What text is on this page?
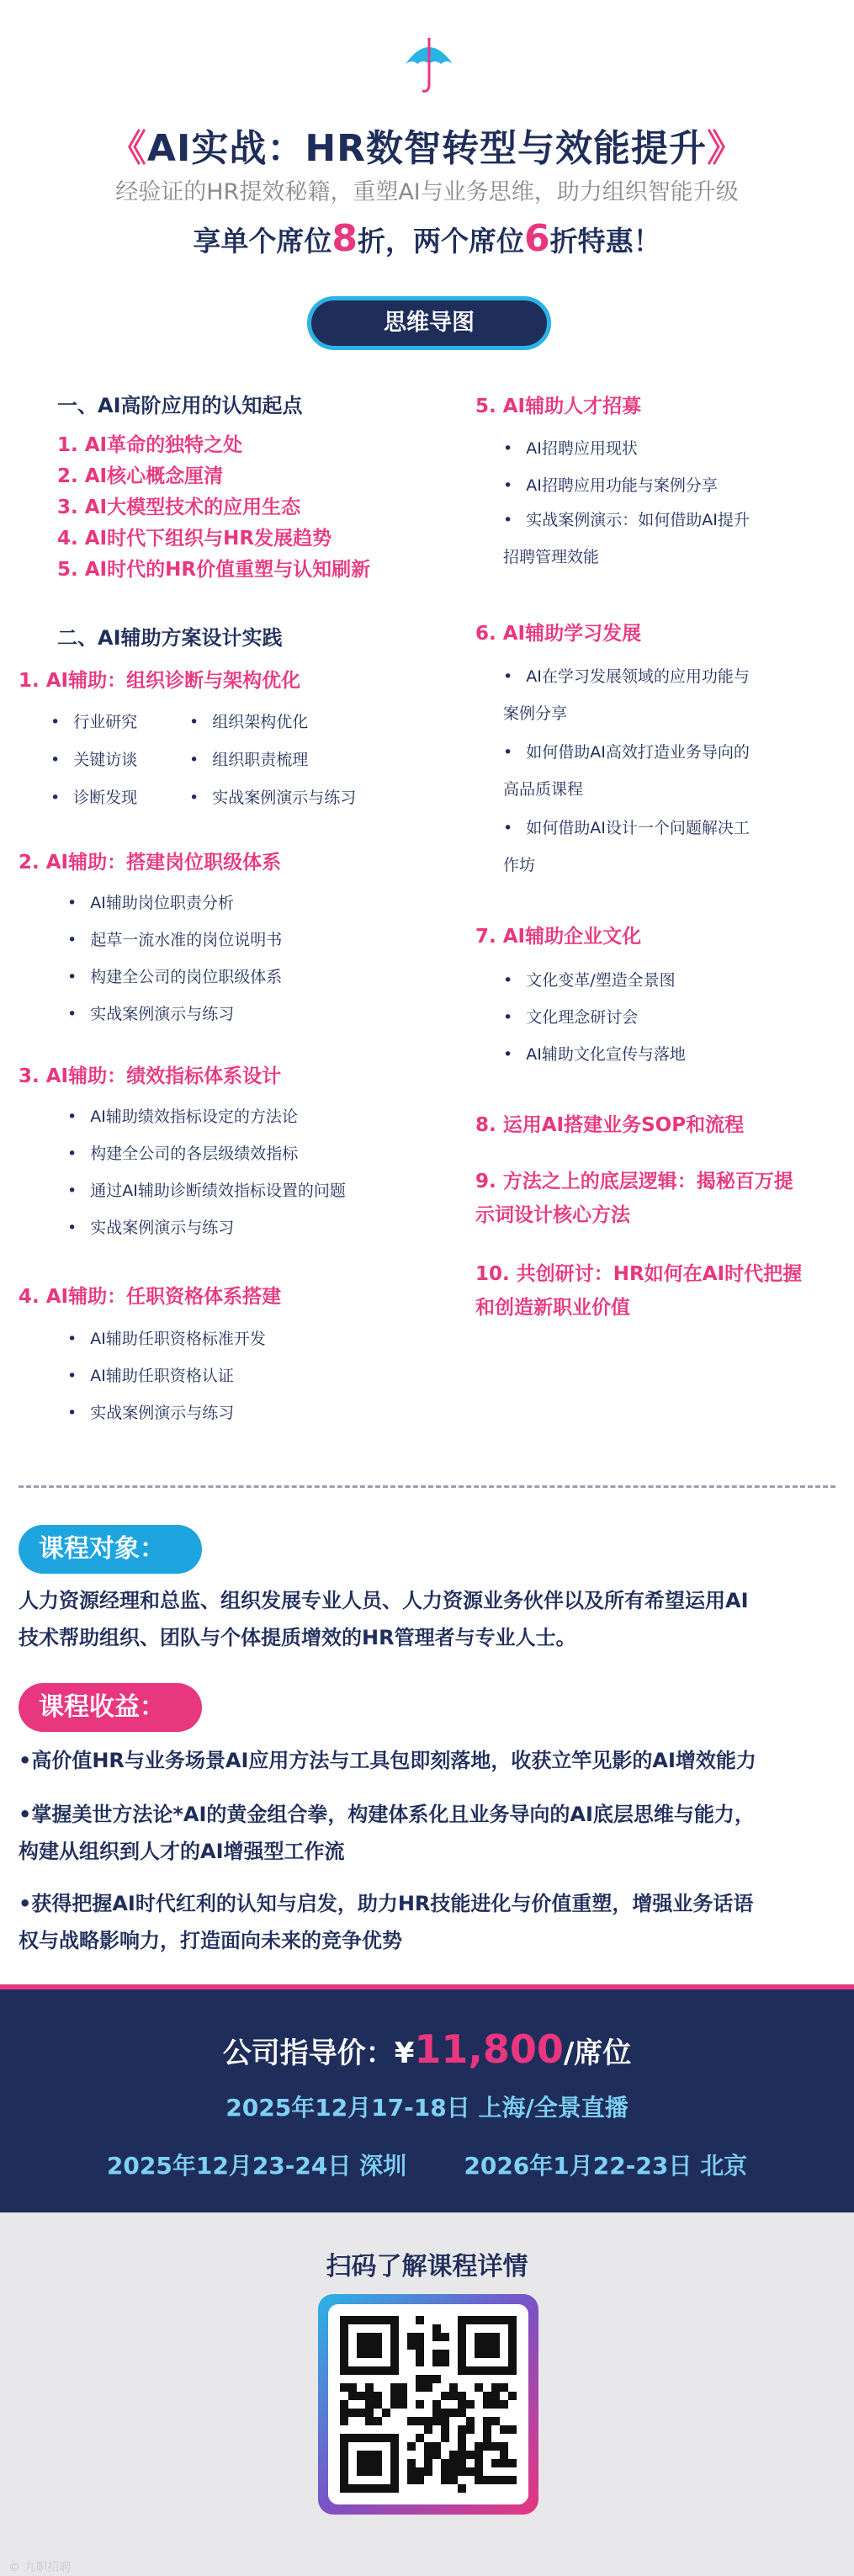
《AI实战：HR数智转型与效能提升》
经验证的HR提效秘籍，重塑AI与业务思维，助力组织智能升级
享单个席位8折，两个席位6折特惠！
思维导图
一、AI高阶应用的认知起点
1. AI革命的独特之处
2. AI核心概念厘清
3. AI大模型技术的应用生态
4. AI时代下组织与HR发展趋势
5. AI时代的HR价值重塑与认知刷新
二、AI辅助方案设计实践
1. AI辅助：组织诊断与架构优化
• 行业研究
• 关键访谈
• 诊断发现
• 组织架构优化
• 组织职责梳理
• 实战案例演示与练习
2. AI辅助：搭建岗位职级体系
• AI辅助岗位职责分析
• 起草一流水准的岗位说明书
• 构建全公司的岗位职级体系
• 实战案例演示与练习
3. AI辅助：绩效指标体系设计
• AI辅助绩效指标设定的方法论
• 构建全公司的各层级绩效指标
• 通过AI辅助诊断绩效指标设置的问题
• 实战案例演示与练习
4. AI辅助：任职资格体系搭建
• AI辅助任职资格标准开发
• AI辅助任职资格认证
• 实战案例演示与练习
5. AI辅助人才招募
• AI招聘应用现状
• AI招聘应用功能与案例分享
• 实战案例演示：如何借助AI提升
招聘管理效能
6. AI辅助学习发展
• AI在学习发展领域的应用功能与
案例分享
• 如何借助AI高效打造业务导向的
高品质课程
• 如何借助AI设计一个问题解决工
作坊
7. AI辅助企业文化
• 文化变革/塑造全景图
• 文化理念研讨会
• AI辅助文化宣传与落地
8. 运用AI搭建业务SOP和流程
9. 方法之上的底层逻辑：揭秘百万提
示词设计核心方法
10. 共创研讨：HR如何在AI时代把握
和创造新职业价值
课程对象：
人力资源经理和总监、组织发展专业人员、人力资源业务伙伴以及所有希望运用AI
技术帮助组织、团队与个体提质增效的HR管理者与专业人士。
课程收益：
•高价值HR与业务场景AI应用方法与工具包即刻落地，收获立竿见影的AI增效能力
•掌握美世方法论*AI的黄金组合拳，构建体系化且业务导向的AI底层思维与能力，
构建从组织到人才的AI增强型工作流
•获得把握AI时代红利的认知与启发，助力HR技能进化与价值重塑，增强业务话语
权与战略影响力，打造面向未来的竞争优势
公司指导价：¥11,800/席位
2025年12月17-18日 上海/全景直播
2025年12月23-24日 深圳       2026年1月22-23日 北京
扫码了解课程详情
© 九职招聘
